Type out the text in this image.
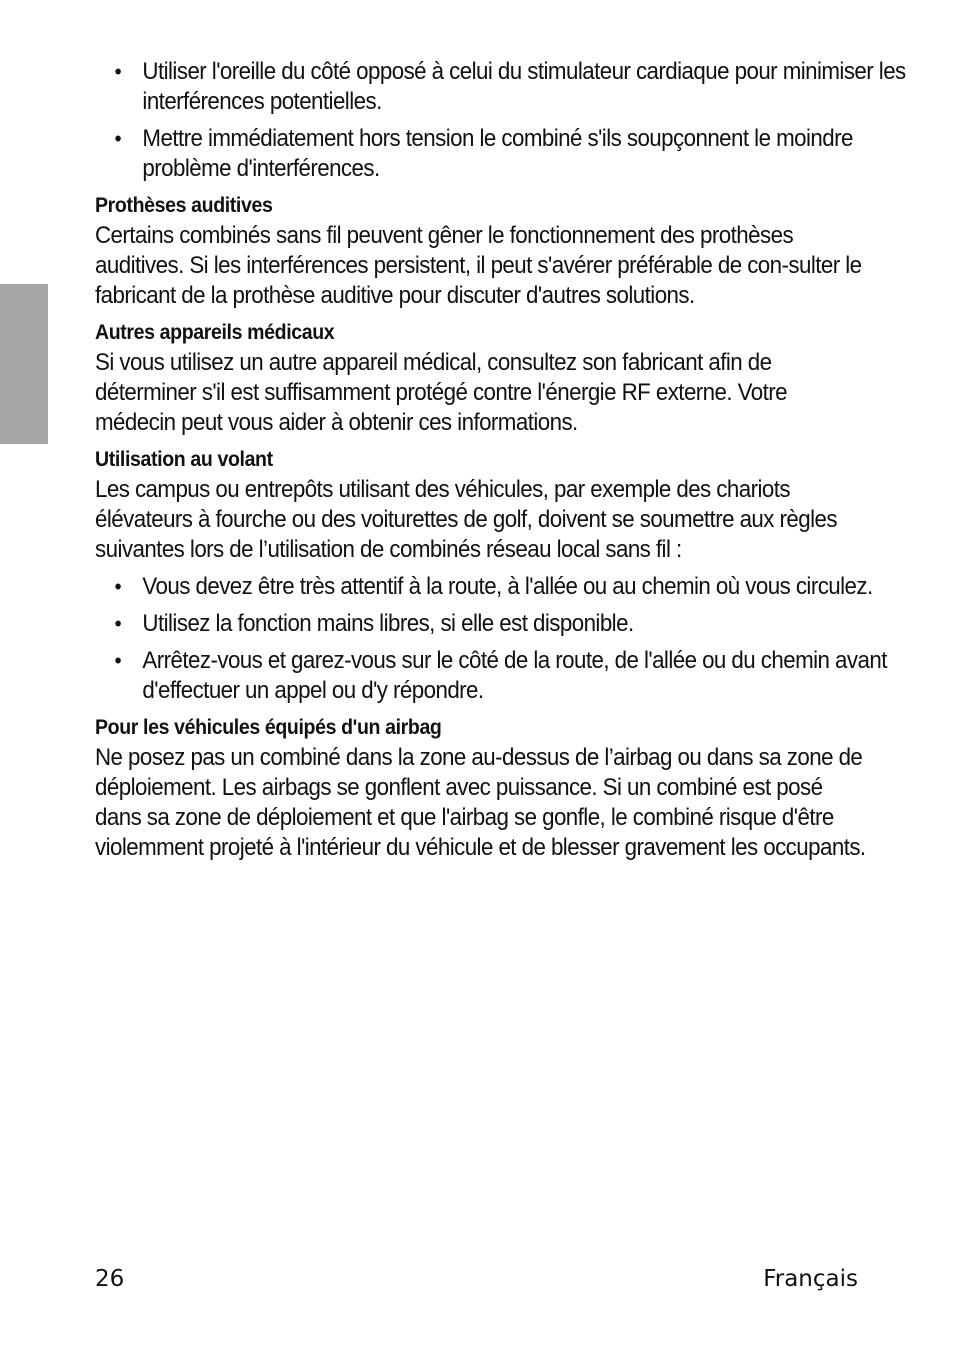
• Utiliser l'oreille du côté opposé à celui du stimulateur cardiaque pour minimiser les interférences potentielles.
• Mettre immédiatement hors tension le combiné s'ils soupçonnent le moindre problème d'interférences.
Prothèses auditives

Certains combinés sans fil peuvent gêner le fonctionnement des prothèses auditives. Si les interférences persistent, il peut s'avérer préférable de con-sulter le fabricant de la prothèse auditive pour discuter d'autres solutions.

Autres appareils médicaux

Si vous utilisez un autre appareil médical, consultez son fabricant afin de déterminer s'il est suffisamment protégé contre l'énergie RF externe. Votre médecin peut vous aider à obtenir ces informations.

Utilisation au volant

Les campus ou entrepôts utilisant des véhicules, par exemple des chariots élévateurs à fourche ou des voiturettes de golf, doivent se soumettre aux règles suivantes lors de l’utilisation de combinés réseau local sans fil :

• Vous devez être très attentif à la route, à l'allée ou au chemin où vous circulez.
• Utilisez la fonction mains libres, si elle est disponible.
• Arrêtez-vous et garez-vous sur le côté de la route, de l'allée ou du chemin avant d'effectuer un appel ou d'y répondre.
Pour les véhicules équipés d'un airbag

Ne posez pas un combiné dans la zone au-dessus de l’airbag ou dans sa zone de déploiement. Les airbags se gonflent avec puissance. Si un combiné est posé dans sa zone de déploiement et que l'airbag se gonfle, le combiné risque d'être violemment projeté à l'intérieur du véhicule et de blesser gravement les occupants.

26	Français
